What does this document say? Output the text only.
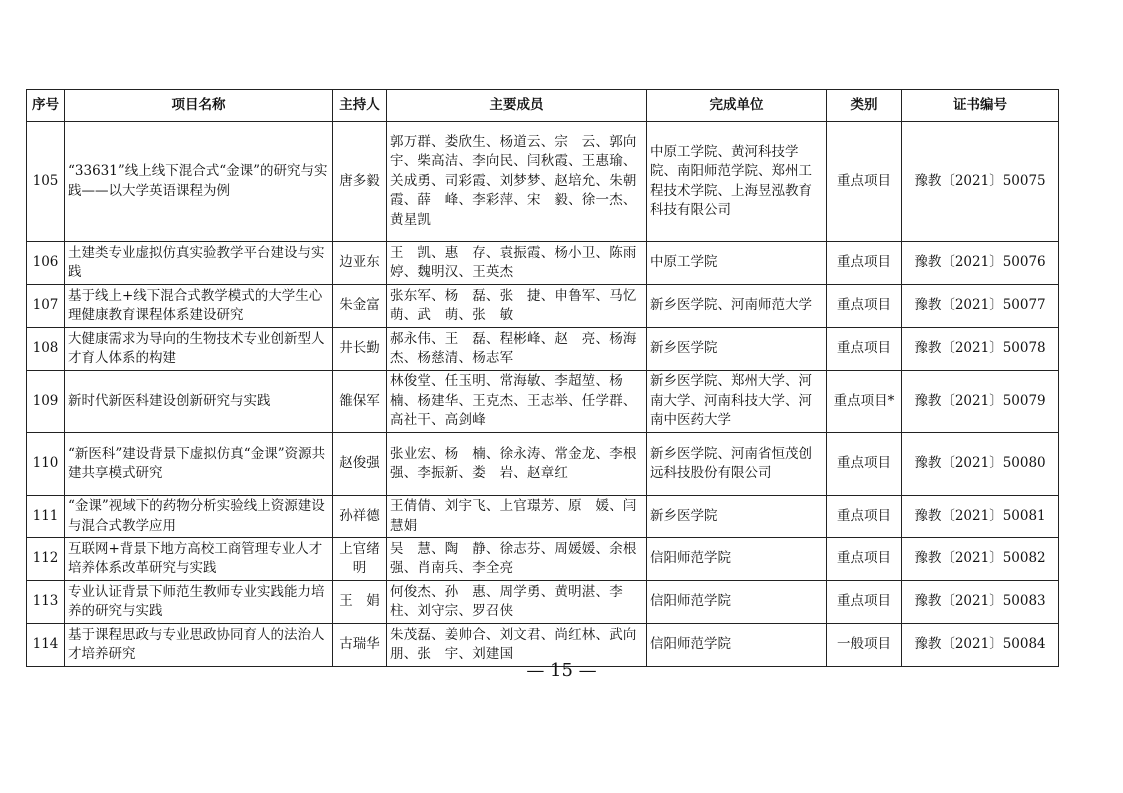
序号	项目名称	主持人	主要成员	完成单位	类别	证书编号
105	“33631”线上线下混合式“金课”的研究与实践——以大学英语课程为例	唐多毅	郭万群、娄欣生、杨道云、宗　云、郭向宇、柴高洁、李向民、闫秋霞、王惠瑜、关成勇、司彩霞、刘梦梦、赵培允、朱朝霞、薛　峰、李彩萍、宋　毅、徐一杰、黄星凯	中原工学院、黄河科技学院、南阳师范学院、郑州工程技术学院、上海昱泓教育科技有限公司	重点项目	豫教〔2021〕50075
106	土建类专业虚拟仿真实验教学平台建设与实践	边亚东	王　凯、惠　存、袁振霞、杨小卫、陈雨婷、魏明汉、王英杰	中原工学院	重点项目	豫教〔2021〕50076
107	基于线上+线下混合式教学模式的大学生心理健康教育课程体系建设研究	朱金富	张东军、杨　磊、张　捷、申鲁军、马忆萌、武　萌、张　敏	新乡医学院、河南师范大学	重点项目	豫教〔2021〕50077
108	大健康需求为导向的生物技术专业创新型人才育人体系的构建	井长勤	郝永伟、王　磊、程彬峰、赵　亮、杨海杰、杨慈清、杨志军	新乡医学院	重点项目	豫教〔2021〕50078
109	新时代新医科建设创新研究与实践	雒保军	林俊堂、任玉明、常海敏、李超堃、杨　楠、杨建华、王克杰、王志举、任学群、高社干、高剑峰	新乡医学院、郑州大学、河南大学、河南科技大学、河南中医药大学	重点项目*	豫教〔2021〕50079
110	“新医科”建设背景下虚拟仿真“金课”资源共建共享模式研究	赵俊强	张业宏、杨　楠、徐永涛、常金龙、李根强、李振新、娄　岩、赵章红	新乡医学院、河南省恒茂创远科技股份有限公司	重点项目	豫教〔2021〕50080
111	“金课”视域下的药物分析实验线上资源建设与混合式教学应用	孙祥德	王倩倩、刘宇飞、上官璟芳、原　媛、闫慧娟	新乡医学院	重点项目	豫教〔2021〕50081
112	互联网+背景下地方高校工商管理专业人才培养体系改革研究与实践	上官绪明	吴　慧、陶　静、徐志芬、周媛媛、余根强、肖南兵、李全亮	信阳师范学院	重点项目	豫教〔2021〕50082
113	专业认证背景下师范生教师专业实践能力培养的研究与实践	王　娟	何俊杰、孙　惠、周学勇、黄明湛、李　柱、刘守宗、罗召侠	信阳师范学院	重点项目	豫教〔2021〕50083
114	基于课程思政与专业思政协同育人的法治人才培养研究	古瑞华	朱茂磊、姜帅合、刘文君、尚红林、武向朋、张　宇、刘建国	信阳师范学院	一般项目	豫教〔2021〕50084
— 15 —
